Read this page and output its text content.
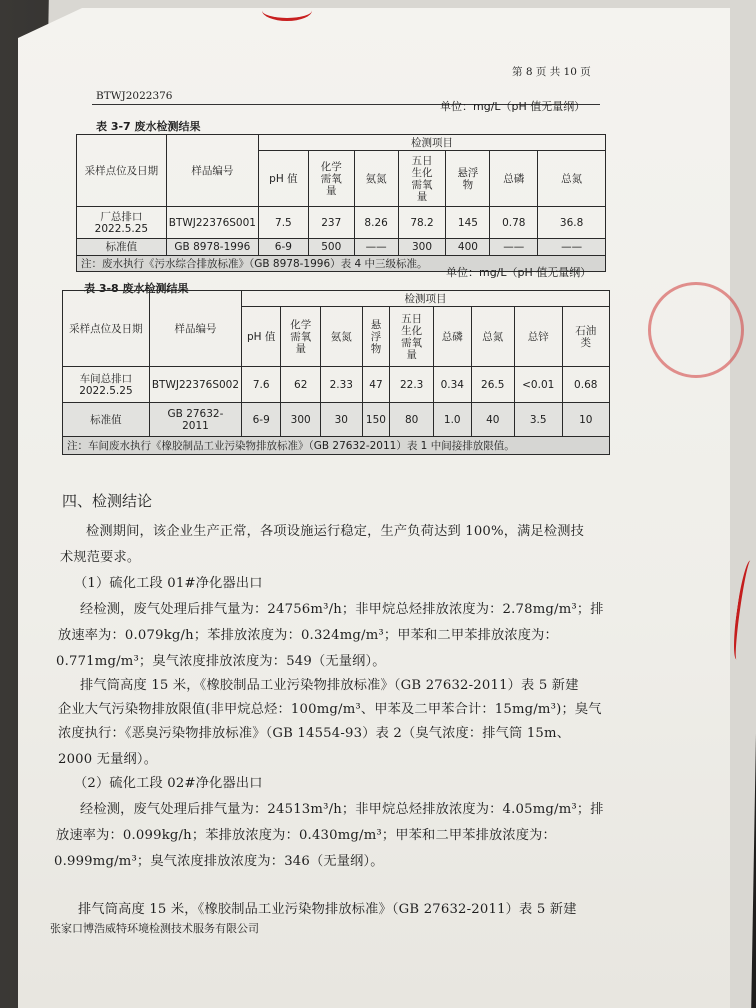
第 8 页 共 10 页
BTWJ2022376
单位：mg/L（pH 值无量纲）
表 3-7 废水检测结果
采样点位及日期	样品编号	检测项目						
		pH 值	化学需氧量	氨氮	五日生化需氧量	悬浮物	总磷	总氮

厂总排口
2022.5.25	BTWJ22376S001	7.5	237	8.26	78.2	145	0.78	36.8
标准值	GB 8978-1996	6-9	500	——	300	400	——	——
注：废水执行《污水综合排放标准》（GB 8978-1996）表 4 中三级标准。								
单位：mg/L（pH 值无量纲）
表 3-8 废水检测结果
采样点位及日期	样品编号	检测项目								
		pH 值	化学需氧量	氨氮	悬浮物	五日生化需氧量	总磷	总氮	总锌	石油类

车间总排口
2022.5.25	BTWJ22376S002	7.6	62	2.33	47	22.3	0.34	26.5	<0.01	0.68
标准值	GB 27632-
2011	6-9	300	30	150	80	1.0	40	3.5	10
注：车间废水执行《橡胶制品工业污染物排放标准》（GB 27632-2011）表 1 中间接排放限值。										
四、检测结论
检测期间，该企业生产正常，各项设施运行稳定，生产负荷达到 100%，满足检测技
术规范要求。
（1）硫化工段 01#净化器出口
经检测，废气处理后排气量为：24756m³/h；非甲烷总烃排放浓度为：2.78mg/m³；排
放速率为：0.079kg/h；苯排放浓度为：0.324mg/m³；甲苯和二甲苯排放浓度为：
0.771mg/m³；臭气浓度排放浓度为：549（无量纲）。
排气筒高度 15 米，《橡胶制品工业污染物排放标准》（GB 27632-2011）表 5 新建
企业大气污染物排放限值(非甲烷总烃：100mg/m³、甲苯及二甲苯合计：15mg/m³)；臭气
浓度执行：《恶臭污染物排放标准》（GB 14554-93）表 2（臭气浓度：排气筒 15m、
2000 无量纲）。
（2）硫化工段 02#净化器出口
经检测，废气处理后排气量为：24513m³/h；非甲烷总烃排放浓度为：4.05mg/m³；排
放速率为：0.099kg/h；苯排放浓度为：0.430mg/m³；甲苯和二甲苯排放浓度为：
0.999mg/m³；臭气浓度排放浓度为：346（无量纲）。
排气筒高度 15 米，《橡胶制品工业污染物排放标准》（GB 27632-2011）表 5 新建
张家口博浩威特环境检测技术服务有限公司
